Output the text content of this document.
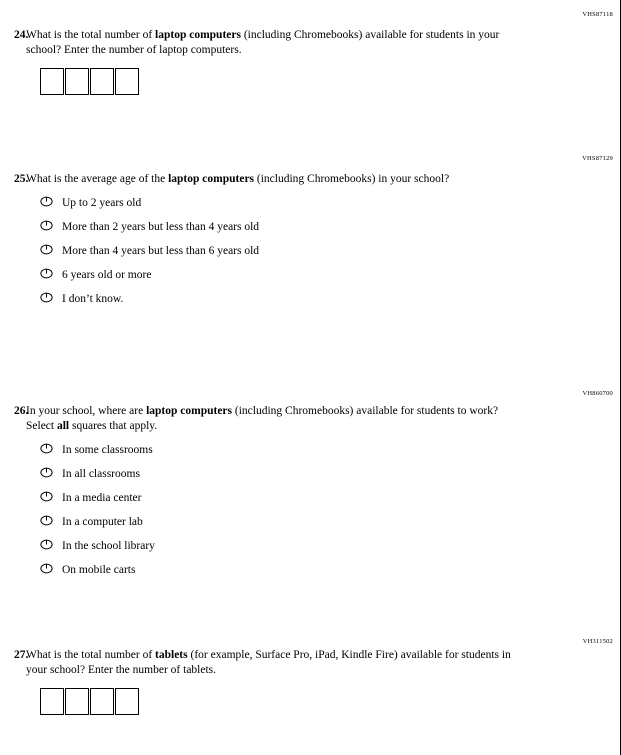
VHS87118
24.
What is the total number of laptop computers (including Chromebooks) available for students in your school? Enter the number of laptop computers.
VHS87129
25.
What is the average age of the laptop computers (including Chromebooks) in your school?
Up to 2 years old
More than 2 years but less than 4 years old
More than 4 years but less than 6 years old
6 years old or more
I don’t know.
VH860700
26.
In your school, where are laptop computers (including Chromebooks) available for students to work? Select all squares that apply.
In some classrooms
In all classrooms
In a media center
In a computer lab
In the school library
On mobile carts
VH311502
27.
What is the total number of tablets (for example, Surface Pro, iPad, Kindle Fire) available for students in your school? Enter the number of tablets.
